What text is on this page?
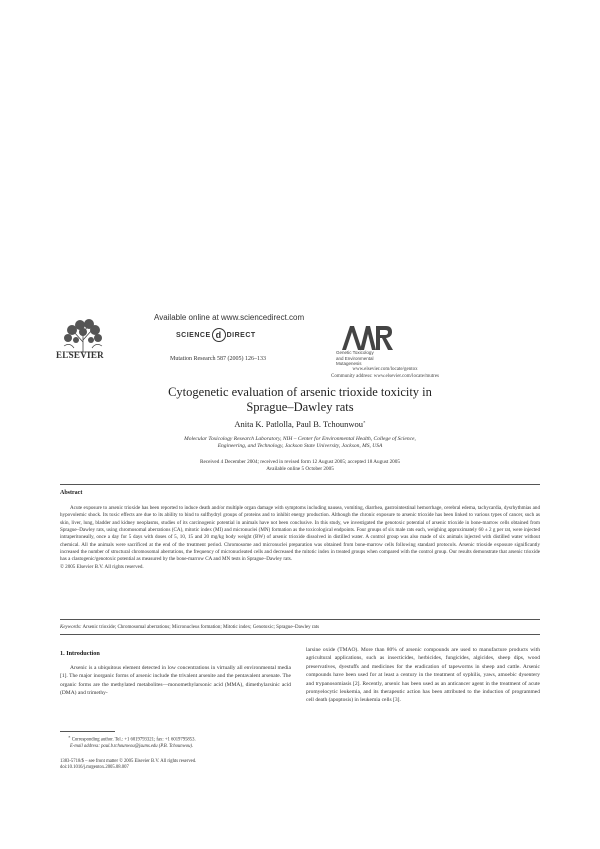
ELSEVIER
Available online at www.sciencedirect.com
SCIENCE d DIRECT
Mutation Research 587 (2005) 126–133
Genetic Toxicology
and Environmental
Mutagenesis
www.elsevier.com/locate/gentox
Community address: www.elsevier.com/locate/mutres
Cytogenetic evaluation of arsenic trioxide toxicity in
Sprague–Dawley rats
Anita K. Patlolla, Paul B. Tchounwou∗
Molecular Toxicology Research Laboratory, NIH – Center for Environmental Health, College of Science,
Engineering, and Technology, Jackson State University, Jackson, MS, USA
Received 4 December 2004; received in revised form 12 August 2005; accepted 18 August 2005
Available online 5 October 2005
Abstract

Acute exposure to arsenic trioxide has been reported to induce death and/or multiple organ damage with symptoms including nausea, vomiting, diarrhea, gastrointestinal hemorrhage, cerebral edema, tachycardia, dysrhythmias and hypovolemic shock. Its toxic effects are due to its ability to bind to sulfhydryl groups of proteins and to inhibit energy production. Although the chronic exposure to arsenic trioxide has been linked to various types of cancer, such as skin, liver, lung, bladder and kidney neoplasms, studies of its carcinogenic potential in animals have not been conclusive. In this study, we investigated the genotoxic potential of arsenic trioxide in bone-marrow cells obtained from Sprague–Dawley rats, using chromosomal aberrations (CA), mitotic index (MI) and micronuclei (MN) formation as the toxicological endpoints. Four groups of six male rats each, weighing approximately 60 ± 2 g per rat, were injected intraperitoneally, once a day for 5 days with doses of 5, 10, 15 and 20 mg/kg body weight (BW) of arsenic trioxide dissolved in distilled water. A control group was also made of six animals injected with distilled water without chemical. All the animals were sacrificed at the end of the treatment period. Chromosome and micronuclei preparation was obtained from bone-marrow cells following standard protocols. Arsenic trioxide exposure significantly increased the number of structural chromosomal aberrations, the frequency of micronucleated cells and decreased the mitotic index in treated groups when compared with the control group. Our results demonstrate that arsenic trioxide has a clastogenic/genotoxic potential as measured by the bone-marrow CA and MN tests in Sprague–Dawley rats.

© 2005 Elsevier B.V. All rights reserved.
Keywords: Arsenic trioxide; Chromosomal aberrations; Micronucleus formation; Mitotic index; Genotoxic; Sprague–Dawley rats
1. Introduction

Arsenic is a ubiquitous element detected in low concentrations in virtually all environmental media [1]. The major inorganic forms of arsenic include the trivalent arsenite and the pentavalent arsenate. The organic forms are the methylated metabolites—monomethylarsonic acid (MMA), dimethylarsinic acid (DMA) and trimethy-

larsine oxide (TMAO). More than 80% of arsenic compounds are used to manufacture products with agricultural applications, such as insecticides, herbicides, fungicides, algicides, sheep dips, wood preservatives, dyestuffs and medicines for the eradication of tapeworms in sheep and cattle. Arsenic compounds have been used for at least a century in the treatment of syphilis, yaws, amoebic dysentery and trypanosomiasis [2]. Recently, arsenic has been used as an anticancer agent in the treatment of acute promyelocytic leukemia, and its therapeutic action has been attributed to the induction of programmed cell death (apoptosis) in leukemia cells [3].

∗ Corresponding author. Tel.: +1 6019793321; fax: +1 6019795853.
E-mail address: paul.b.tchounwou@jsums.edu (P.B. Tchounwou).
1383-5718/$ – see front matter © 2005 Elsevier B.V. All rights reserved.
doi:10.1016/j.mrgentox.2005.08.007
